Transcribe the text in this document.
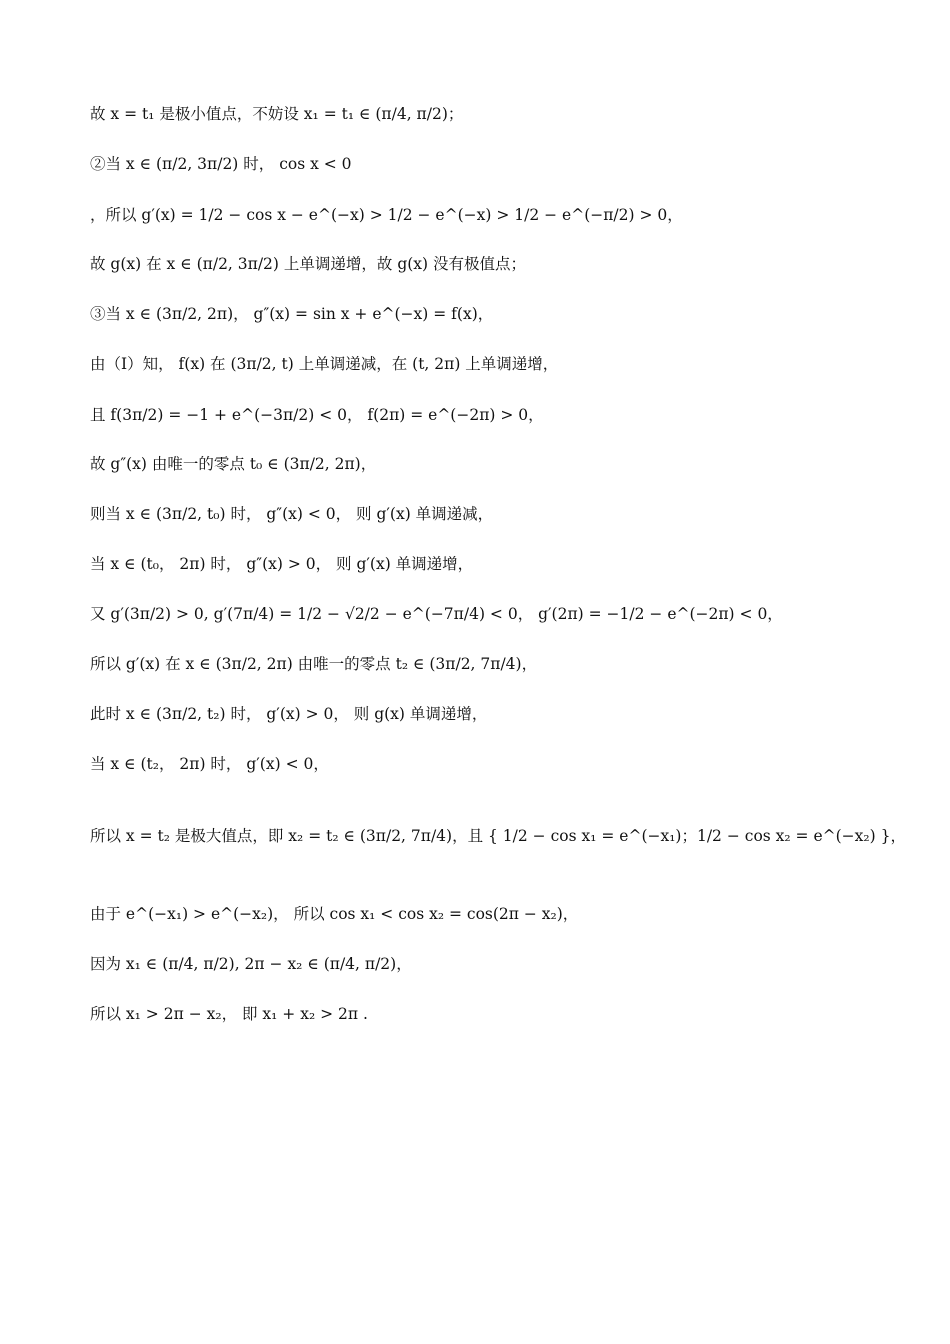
故 x = t₁ 是极小值点，不妨设 x₁ = t₁ ∈ (π/4, π/2)；
②当 x ∈ (π/2, 3π/2) 时， cos x < 0
，所以 g′(x) = 1/2 − cos x − e^(−x) > 1/2 − e^(−x) > 1/2 − e^(−π/2) > 0，
故 g(x) 在 x ∈ (π/2, 3π/2) 上单调递增，故 g(x) 没有极值点；
③当 x ∈ (3π/2, 2π)， g″(x) = sin x + e^(−x) = f(x)，
由（Ⅰ）知， f(x) 在 (3π/2, t) 上单调递减，在 (t, 2π) 上单调递增，
且 f(3π/2) = −1 + e^(−3π/2) < 0， f(2π) = e^(−2π) > 0，
故 g″(x) 由唯一的零点 t₀ ∈ (3π/2, 2π)，
则当 x ∈ (3π/2, t₀) 时， g″(x) < 0， 则 g′(x) 单调递减，
当 x ∈ (t₀， 2π) 时， g″(x) > 0， 则 g′(x) 单调递增，
又 g′(3π/2) > 0, g′(7π/4) = 1/2 − √2/2 − e^(−7π/4) < 0， g′(2π) = −1/2 − e^(−2π) < 0，
所以 g′(x) 在 x ∈ (3π/2, 2π) 由唯一的零点 t₂ ∈ (3π/2, 7π/4)，
此时 x ∈ (3π/2, t₂) 时， g′(x) > 0， 则 g(x) 单调递增，
当 x ∈ (t₂， 2π) 时， g′(x) < 0，
所以 x = t₂ 是极大值点，即 x₂ = t₂ ∈ (3π/2, 7π/4)，且 { 1/2 − cos x₁ = e^(−x₁)；1/2 − cos x₂ = e^(−x₂) }，
由于 e^(−x₁) > e^(−x₂)， 所以 cos x₁ < cos x₂ = cos(2π − x₂)，
因为 x₁ ∈ (π/4, π/2), 2π − x₂ ∈ (π/4, π/2)，
所以 x₁ > 2π − x₂， 即 x₁ + x₂ > 2π .
